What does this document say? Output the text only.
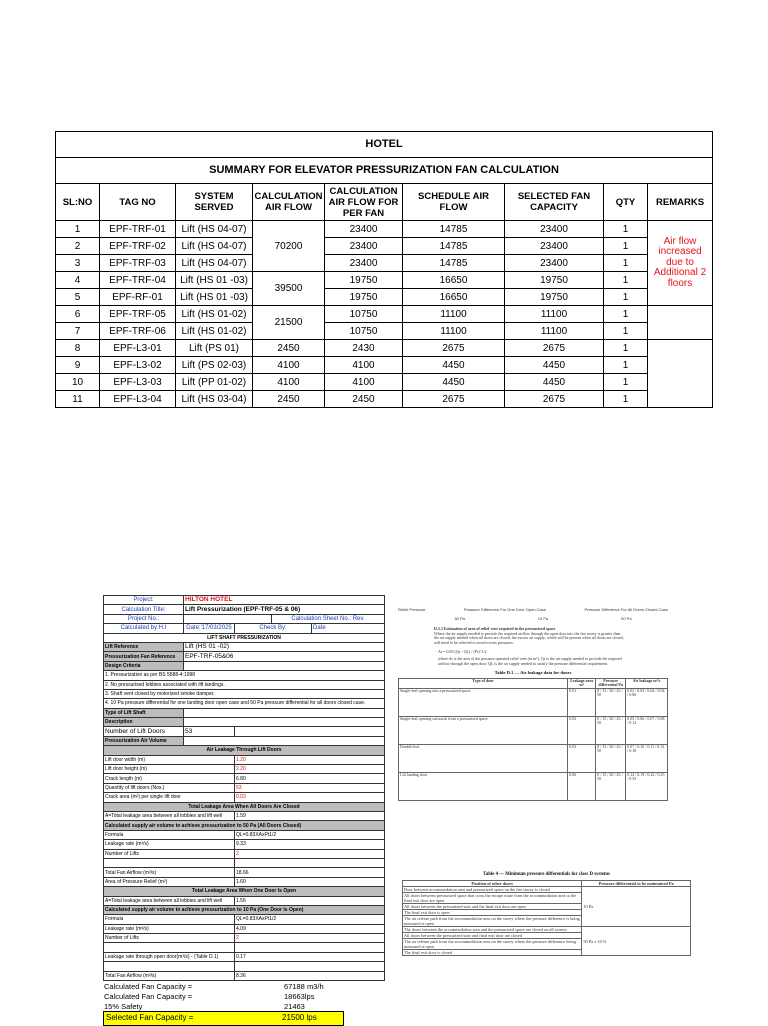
HOTEL								
SUMMARY FOR ELEVATOR PRESSURIZATION FAN CALCULATION								
SL:NO	TAG NO	SYSTEM SERVED	CALCULATION AIR FLOW	CALCULATION AIR FLOW FOR PER FAN	SCHEDULE AIR FLOW	SELECTED FAN CAPACITY	QTY	REMARKS
1	EPF-TRF-01	Lift (HS 04-07)	70200	23400	14785	23400	1	Air flow increased due to Additional 2 floors
2	EPF-TRF-02	Lift (HS 04-07)		23400	14785	23400	1	
3	EPF-TRF-03	Lift (HS 04-07)		23400	14785	23400	1	
4	EPF-TRF-04	Lift (HS 01 -03)	39500	19750	16650	19750	1	
5	EPF-RF-01	Lift (HS 01 -03)		19750	16650	19750	1	
6	EPF-TRF-05	Lift (HS 01-02)	21500	10750	11100	11100	1	
7	EPF-TRF-06	Lift (HS 01-02)		10750	11100	11100	1	
8	EPF-L3-01	Lift (PS 01)	2450	2430	2675	2675	1	
9	EPF-L3-02	Lift (PS 02-03)	4100	4100	4450	4450	1	
10	EPF-L3-03	Lift (PP 01-02)	4100	4100	4450	4450	1	
11	EPF-L3-04	Lift (HS 03-04)	2450	2450	2675	2675	1	
Project:	HILTON HOTEL			
Calculation Title:	Lift Pressurization (EPF-TRF-05 & 06)			
Project No.:			Calculation Sheet No.: Rev.	
Calculated by:H.I	Date:'17/03/2025	Check By:		Date
LIFT SHAFT PRESSURIZATION				
Lift Reference	Lift (HS 01 -02)			
Pressurization Fan Reference	EPF-TRF-05&06			
Design Criteria				
1. Pressurization as per BS 5588-4:1998				
2. No pressurised lobbies associated with lift landings.				
3. Shaft vent closed by motorized smoke damper.				
4. 10 Pa pressure differential for one landing door open case and 50 Pa pressure differential for all doors closed case.				
Type of Lift Shaft				
Description				
Number of Lift Doors	53			
Pressurization Air Volume				
Air Leakage Through Lift Doors				
Lift door width (m)		1.20		
Lift door height (m)		2.20		
Crack length (m)		6.80		
Quantity of lift doors (Nos.)		53		
Crack area (m²) per single lift door		0.03		
Total Leakage Area When All Doors Are Closed				
A=Total leakage area between all lobbies and lift well		1.59		
Calculated supply air volume to achieve pressurization to 50 Pa (All Doors Closed)				
Formula		QL=0.83XAxPt1/2		
Leakage rate (m³/s)		9.33		
Number of Lifts		2		

Total Fan Airflow (m³/s)		18.66		
Area of Pressure Relief (m²)		1.60		
Total Leakage Area When One Door Is Open				
A=Total leakage area between all lobbies and lift well		1.56		
Calculated supply air volume to achieve pressurization to 10 Pa (One Door Is Open)				
Formula		QL=0.83XAxPt1/2		
Leakage rate (m³/s)		4.09		
Number of Lifts		2		

Leakage rate through open door(m³/s) - (Table D.1)		0.17		

Total Fan Airflow (m³/s)		8.36		
Calculated Fan Capacity =	67188 m3/h
Calculated Fan Capacity =	18663lps
15% Safety	21463
Selected Fan Capacity =	21500 lps
Relief Pressure	Pressure Difference For One Door Open Case	Pressure Difference For All Doors Closed Case
50 Pa	10 Pa	50 Pa
D.3.3 Estimation of area of relief vent required in the pressurized space
Where the air supply needed to provide the required airflow through the open door into the fire storey is greater than the air supply needed when all doors are closed, the excess air supply, which will be present when all doors are closed, will need to be relieved to avoid excess pressures.
Ar = 0.83 (Qs - QL) / (Pr)^1/2
where Ar is the area of the pressure operated relief vent (in m²); Qs is the air supply needed to provide the required airflow through the open door; QL is the air supply needed to satisfy the pressure differential requirement.
Table D.1 — Air leakage data for doors
Type of door	Leakage area m²	Pressure differential Pa	Air leakage m³/s
Single-leaf opening into a pressurized space	0.01	8 / 15 / 20 / 25 / 50	0.02 / 0.03 / 0.04 / 0.04 / 0.06
Single-leaf opening outwards from a pressurized space	0.02	8 / 15 / 20 / 25 / 50	0.05 / 0.06 / 0.07 / 0.08 / 0.12
Double-leaf	0.03	8 / 15 / 20 / 25 / 50	0.07 / 0.10 / 0.11 / 0.13 / 0.18
Lift landing door	0.06	8 / 15 / 20 / 25 / 50	0.14 / 0.19 / 0.22 / 0.25 / 0.35
Table 4 — Minimum pressure differentials for class D systems
Position of other doors	Pressure differential to be maintained Pa
Door between accommodation area and pressurized space on the fire storey is closed	10 Pa
All doors between pressurized space that cross the escape route from the accommodation area to the final exit door are open	
All doors between the pressurized stair and the final exit door are open	
The final exit door is open	
The air release path from the accommodation area on the storey where the pressure difference is being measured is open	
The doors between the accommodation area and the pressurized space are closed on all storeys	50 Pa ± 10 %
All doors between the pressurized stair and final exit door are closed	
The air release path from the accommodation area on the storey where the pressure difference being measured is open	
The final exit door is closed	
